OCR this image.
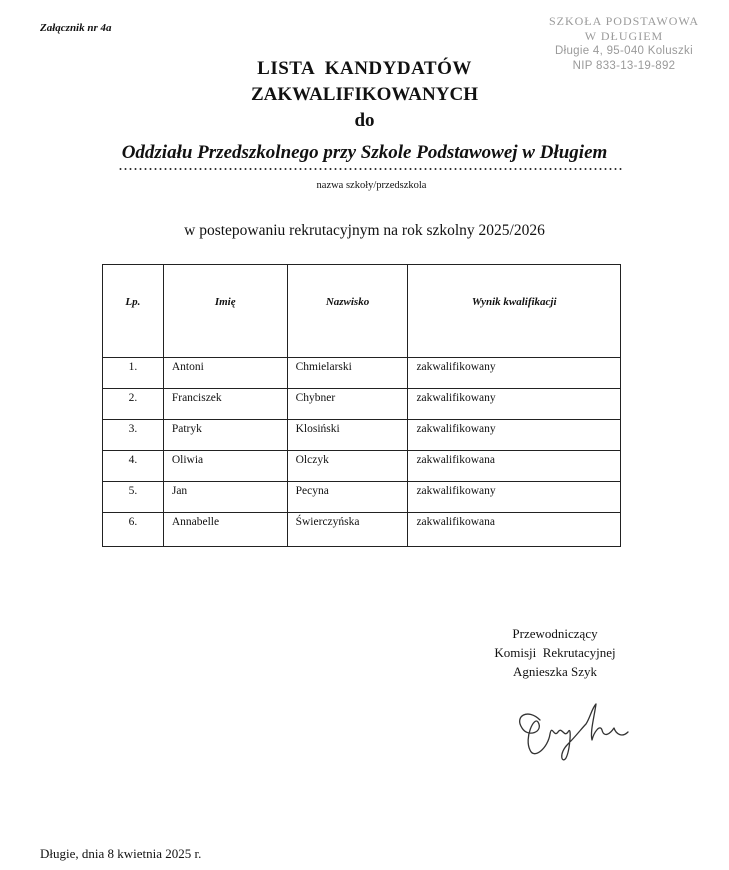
Załącznik nr 4a	SZKOŁA PODSTAWOWA
W DŁUGIEM
Długie 4, 95-040 Koluszki
NIP 833-13-19-892
LISTA  KANDYDATÓW
ZAKWALIFIKOWANYCH
do
Oddziału Przedszkolnego przy Szkole Podstawowej w Długiem
nazwa szkoły/przedszkola
w postepowaniu rekrutacyjnym na rok szkolny 2025/2026
Lp.	Imię	Nazwisko	Wynik kwalifikacji
1.	Antoni	Chmielarski	zakwalifikowany
2.	Franciszek	Chybner	zakwalifikowany
3.	Patryk	Klosiński	zakwalifikowany
4.	Oliwia	Olczyk	zakwalifikowana
5.	Jan	Pecyna	zakwalifikowany
6.	Annabelle	Świerczyńska	zakwalifikowana
Przewodniczący
Komisji  Rekrutacyjnej
Agnieszka Szyk
Długie, dnia 8 kwietnia 2025 r.
